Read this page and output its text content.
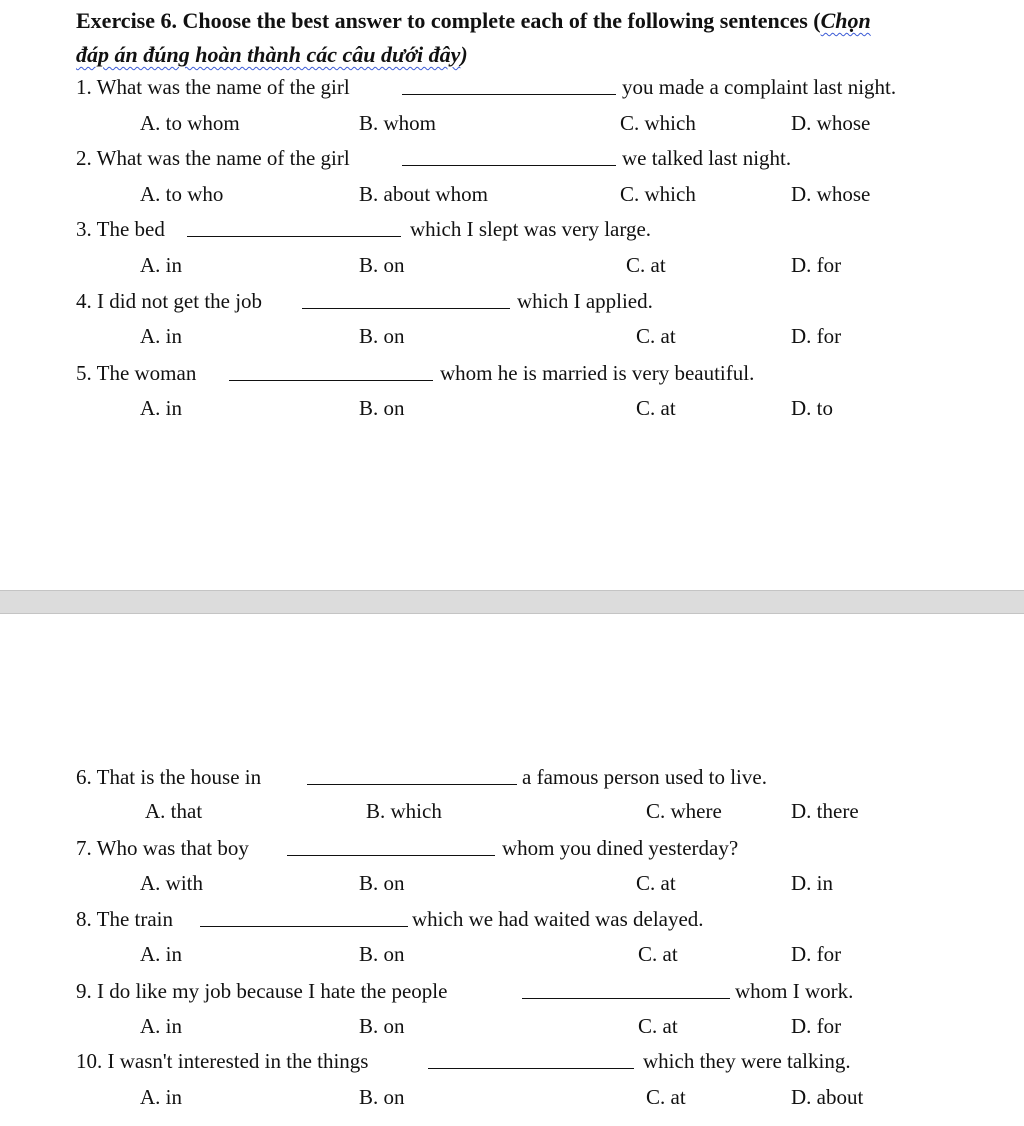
Exercise 6. Choose the best answer to complete each of the following sentences (Chọn
đáp án đúng hoàn thành các câu dưới đây)
1. What was the name of the girl	you made a complaint last night.
A. to whom	B. whom	C. which	D. whose
2. What was the name of the girl	we talked last night.
A. to who	B. about whom	C. which	D. whose
3. The bed	which I slept was very large.
A. in	B. on	C. at	D. for
4. I did not get the job	which I applied.
A. in	B. on	C. at	D. for
5. The woman	whom he is married is very beautiful.
A. in	B. on	C. at	D. to
6. That is the house in	a famous person used to live.
A. that	B. which	C. where	D. there
7. Who was that boy	whom you dined yesterday?
A. with	B. on	C. at	D. in
8. The train	which we had waited was delayed.
A. in	B. on	C. at	D. for
9. I do like my job because I hate the people	whom I work.
A. in	B. on	C. at	D. for
10. I wasn't interested in the things	which they were talking.
A. in	B. on	C. at	D. about
